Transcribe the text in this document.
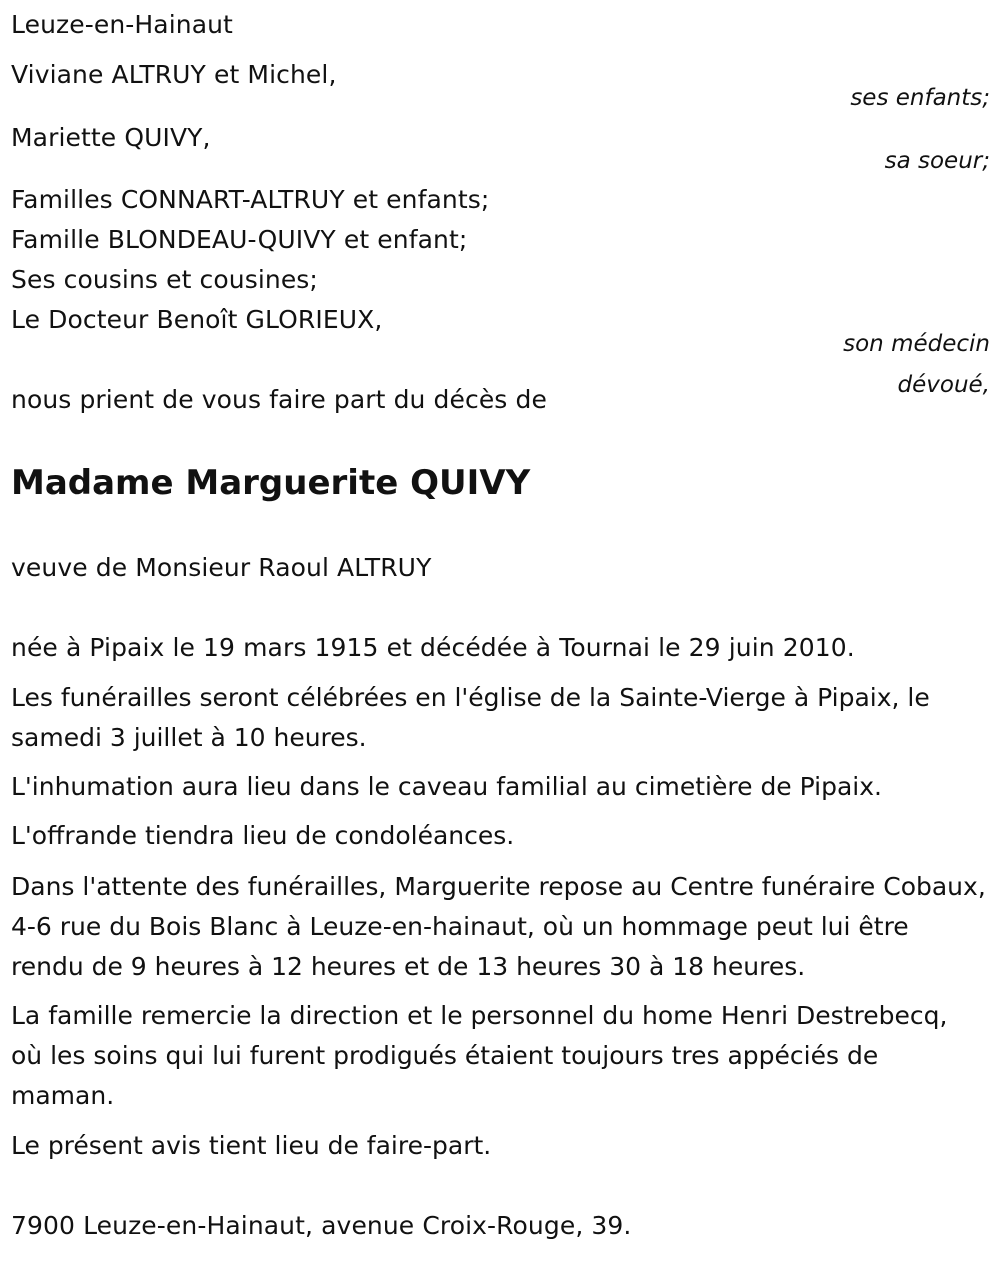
Leuze-en-Hainaut
Viviane ALTRUY et Michel,
ses enfants;
Mariette QUIVY,
sa soeur;
Familles CONNART-ALTRUY et enfants;
Famille BLONDEAU-QUIVY et enfant;
Ses cousins et cousines;
Le Docteur Benoît GLORIEUX,
son médecin
dévoué,
nous prient de vous faire part du décès de
Madame Marguerite QUIVY
veuve de Monsieur Raoul ALTRUY
née à Pipaix le 19 mars 1915 et décédée à Tournai le 29 juin 2010.
Les funérailles seront célébrées en l'église de la Sainte-Vierge à Pipaix, le samedi 3 juillet à 10 heures.
L'inhumation aura lieu dans le caveau familial au cimetière de Pipaix.
L'offrande tiendra lieu de condoléances.
Dans l'attente des funérailles, Marguerite repose au Centre funéraire Cobaux, 4-6 rue du Bois Blanc à Leuze-en-hainaut, où un hommage peut lui être rendu de 9 heures à 12 heures et de 13 heures 30 à 18 heures.
La famille remercie la direction et le personnel du home Henri Destrebecq, où les soins qui lui furent prodigués étaient toujours tres appéciés de maman.
Le présent avis tient lieu de faire-part.
7900 Leuze-en-Hainaut, avenue Croix-Rouge, 39.
